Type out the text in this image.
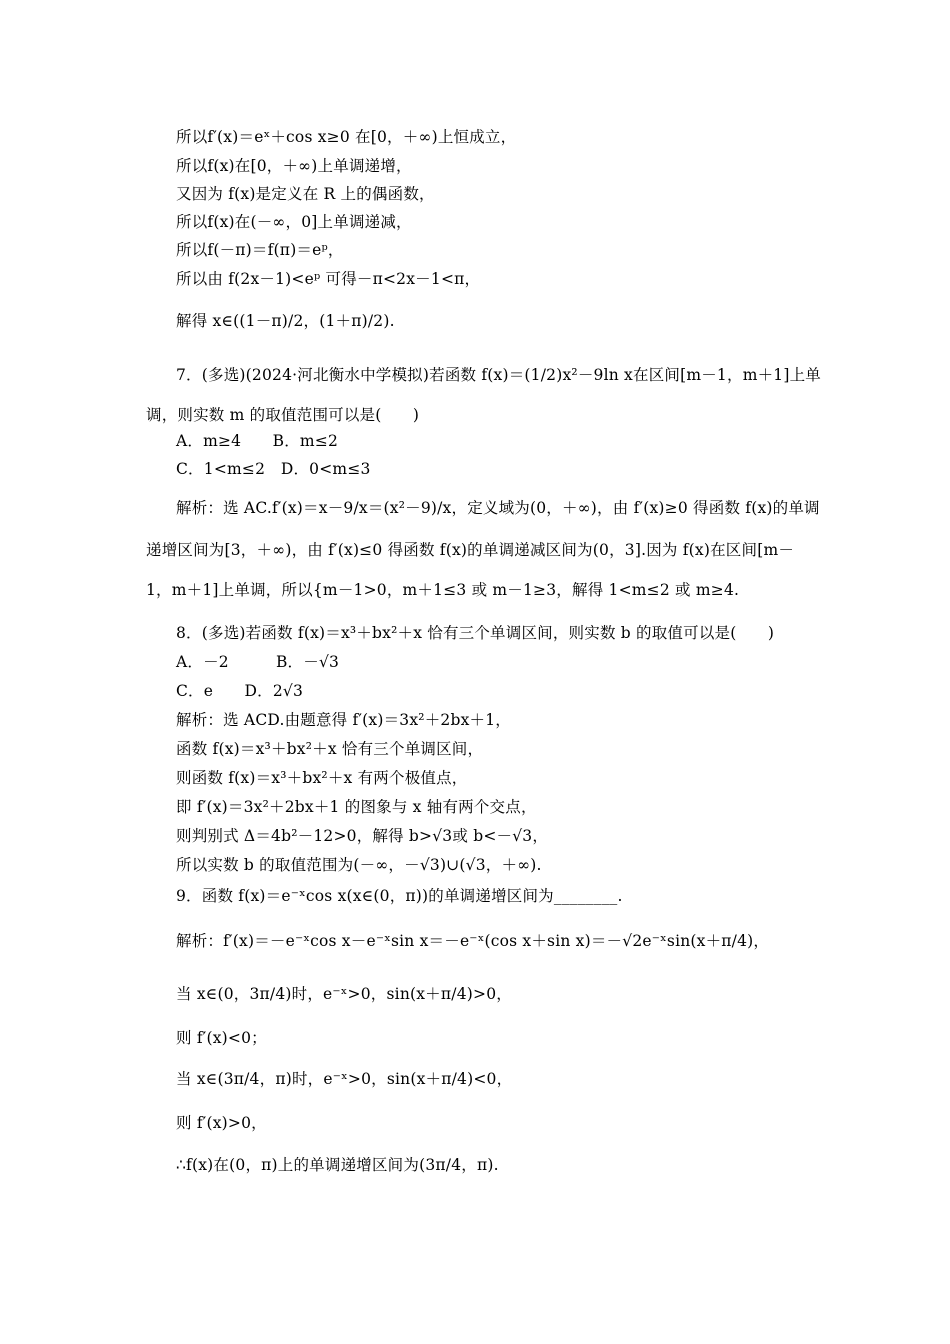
所以f′(x)＝eˣ＋cos x≥0 在[0，＋∞)上恒成立，
所以f(x)在[0，＋∞)上单调递增，
又因为 f(x)是定义在 R 上的偶函数，
所以f(x)在(－∞，0]上单调递减，
所以f(－π)＝f(π)＝eᵖ，
所以由 f(2x－1)<eᵖ 可得－π<2x－1<π，
解得 x∈((1－π)/2，(1＋π)/2).
7．(多选)(2024·河北衡水中学模拟)若函数 f(x)＝(1/2)x²－9ln x在区间[m－1，m＋1]上单
调，则实数 m 的取值范围可以是(　　)
A．m≥4　　B．m≤2
C．1<m≤2　D．0<m≤3
解析：选 AC.f′(x)＝x－9/x＝(x²－9)/x，定义域为(0，＋∞)，由 f′(x)≥0 得函数 f(x)的单调
递增区间为[3，＋∞)，由 f′(x)≤0 得函数 f(x)的单调递减区间为(0，3].因为 f(x)在区间[m－
1，m＋1]上单调，所以{m－1>0，m＋1≤3 或 m－1≥3，解得 1<m≤2 或 m≥4.
8．(多选)若函数 f(x)＝x³＋bx²＋x 恰有三个单调区间，则实数 b 的取值可以是(　　)
A．－2　　　B．－√3
C．e　　D．2√3
解析：选 ACD.由题意得 f′(x)＝3x²＋2bx＋1，
函数 f(x)＝x³＋bx²＋x 恰有三个单调区间，
则函数 f(x)＝x³＋bx²＋x 有两个极值点，
即 f′(x)＝3x²＋2bx＋1 的图象与 x 轴有两个交点，
则判别式 Δ＝4b²－12>0，解得 b>√3或 b<－√3，
所以实数 b 的取值范围为(－∞，－√3)∪(√3，＋∞).
9．函数 f(x)＝e⁻ˣcos x(x∈(0，π))的单调递增区间为________.
解析：f′(x)＝－e⁻ˣcos x－e⁻ˣsin x＝－e⁻ˣ(cos x＋sin x)＝－√2e⁻ˣsin(x＋π/4)，
当 x∈(0，3π/4)时，e⁻ˣ>0，sin(x＋π/4)>0，
则 f′(x)<0；
当 x∈(3π/4，π)时，e⁻ˣ>0，sin(x＋π/4)<0，
则 f′(x)>0，
∴f(x)在(0，π)上的单调递增区间为(3π/4，π).
